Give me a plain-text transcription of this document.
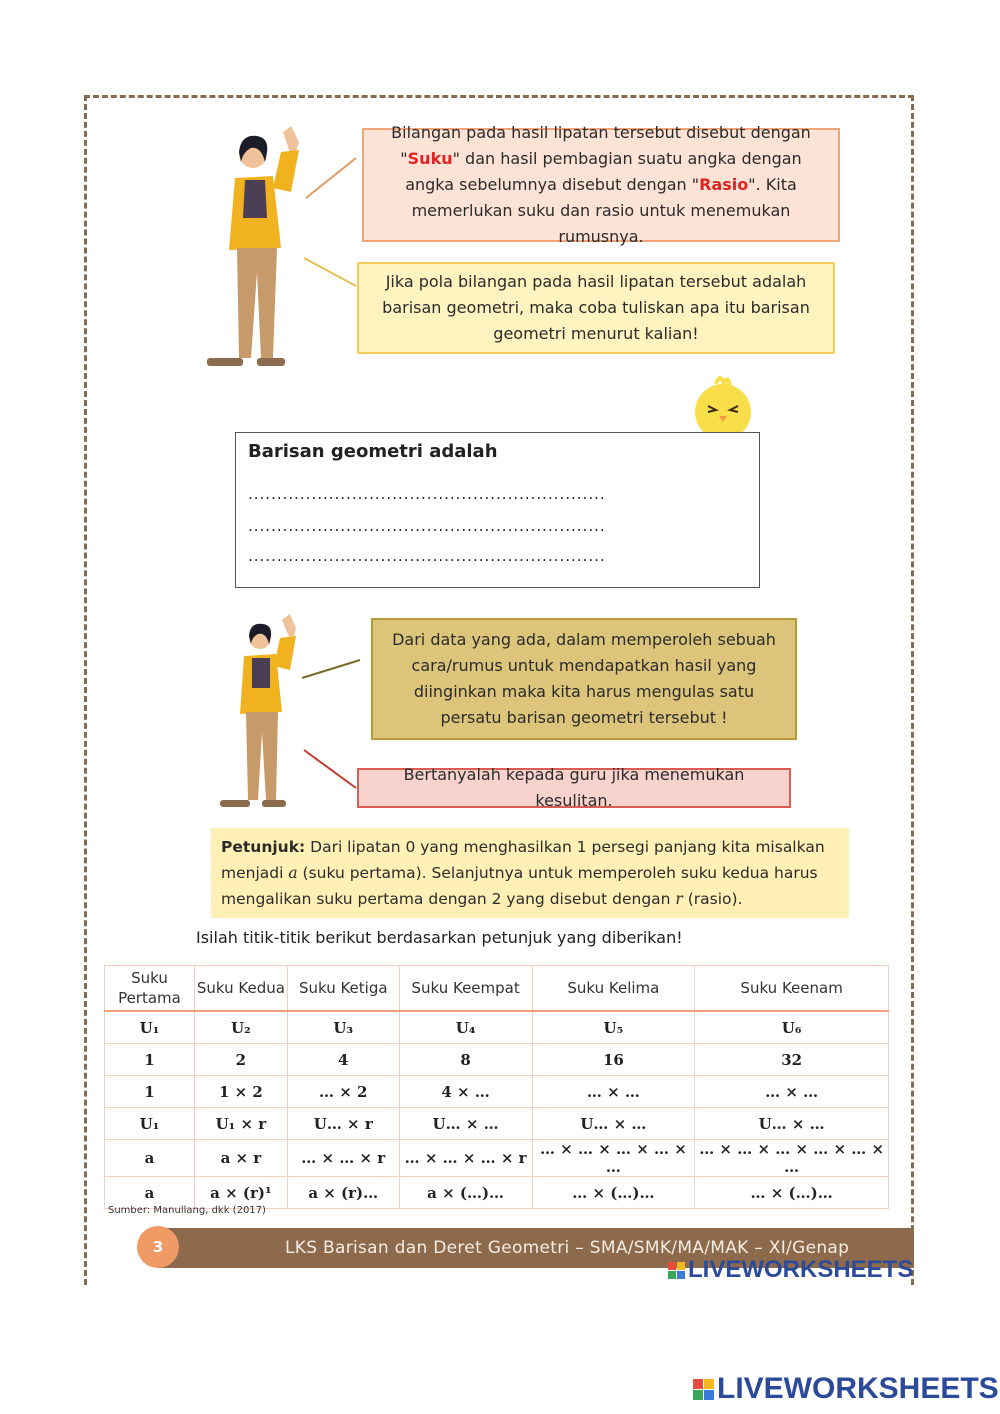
Bilangan pada hasil lipatan tersebut disebut dengan "Suku" dan hasil pembagian suatu angka dengan angka sebelumnya disebut dengan "Rasio". Kita memerlukan suku dan rasio untuk menemukan rumusnya.
Jika pola bilangan pada hasil lipatan tersebut adalah barisan geometri, maka coba tuliskan apa itu barisan geometri menurut kalian!
Barisan geometri adalah
..............................................................
..............................................................
..............................................................
Dari data yang ada, dalam memperoleh sebuah cara/rumus untuk mendapatkan hasil yang diinginkan maka kita harus mengulas satu persatu barisan geometri tersebut !
Bertanyalah kepada guru jika menemukan kesulitan.
Petunjuk: Dari lipatan 0 yang menghasilkan 1 persegi panjang kita misalkan menjadi a (suku pertama). Selanjutnya untuk memperoleh suku kedua harus mengalikan suku pertama dengan 2 yang disebut dengan r (rasio).
Isilah titik-titik berikut berdasarkan petunjuk yang diberikan!
Suku Pertama	Suku Kedua	Suku Ketiga	Suku Keempat	Suku Kelima	Suku Keenam
U₁	U₂	U₃	U₄	U₅	U₆
1	2	4	8	16	32
1	1 × 2	… × 2	4 × …	… × …	… × …
U₁	U₁ × r	U… × r	U… × …	U… × …	U… × …
a	a × r	… × … × r	… × … × … × r	… × … × … × … × …	… × … × … × … × … × …
a	a × (r)¹	a × (r)…	a × (…)…	… × (…)…	… × (…)…
Sumber: Manullang, dkk (2017)
3	LKS Barisan dan Deret Geometri – SMA/SMK/MA/MAK – XI/Genap
LIVEWORKSHEETS
LIVEWORKSHEETS
